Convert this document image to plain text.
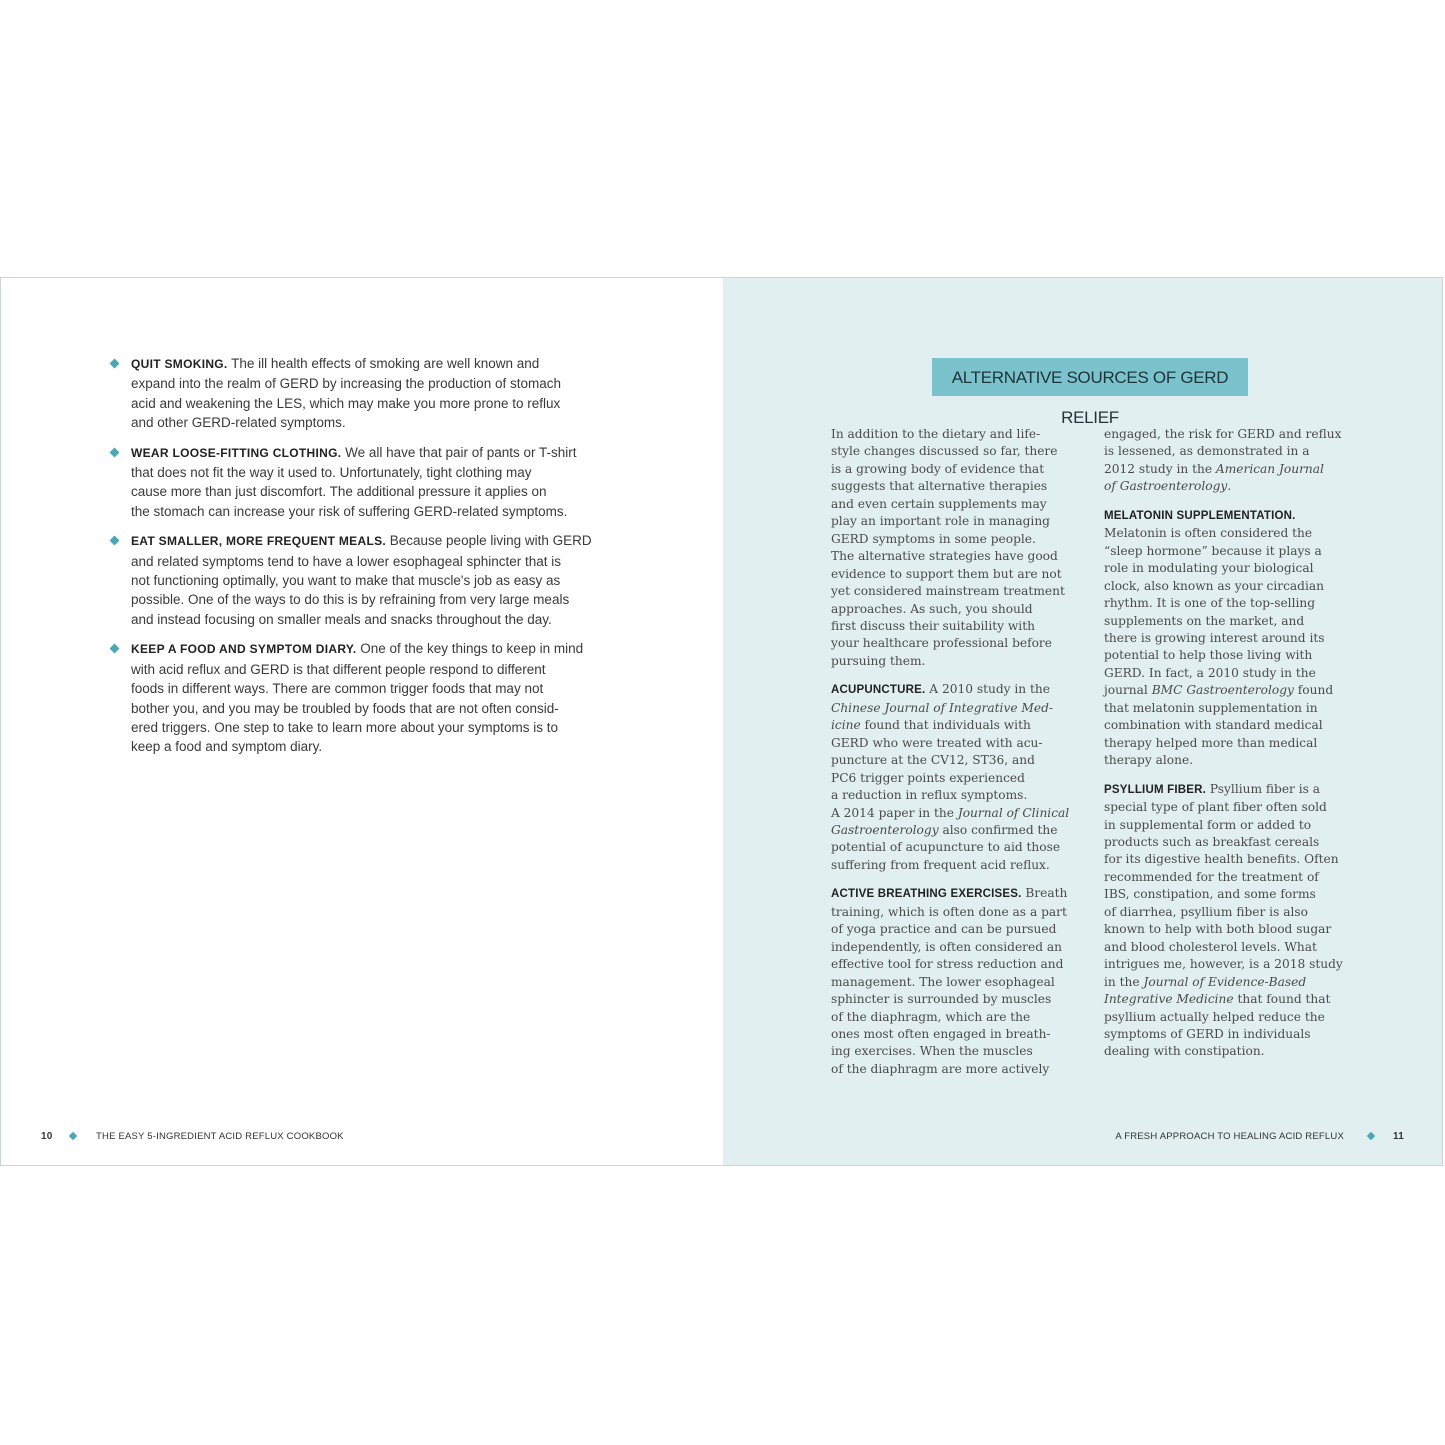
QUIT SMOKING. The ill health effects of smoking are well known and
expand into the realm of GERD by increasing the production of stomach
acid and weakening the LES, which may make you more prone to reflux
and other GERD-related symptoms.
WEAR LOOSE-FITTING CLOTHING. We all have that pair of pants or T-shirt
that does not fit the way it used to. Unfortunately, tight clothing may
cause more than just discomfort. The additional pressure it applies on
the stomach can increase your risk of suffering GERD-related symptoms.
EAT SMALLER, MORE FREQUENT MEALS. Because people living with GERD
and related symptoms tend to have a lower esophageal sphincter that is
not functioning optimally, you want to make that muscle's job as easy as
possible. One of the ways to do this is by refraining from very large meals
and instead focusing on smaller meals and snacks throughout the day.
KEEP A FOOD AND SYMPTOM DIARY. One of the key things to keep in mind
with acid reflux and GERD is that different people respond to different
foods in different ways. There are common trigger foods that may not
bother you, and you may be troubled by foods that are not often consid-
ered triggers. One step to take to learn more about your symptoms is to
keep a food and symptom diary.
10	THE EASY 5-INGREDIENT ACID REFLUX COOKBOOK
ALTERNATIVE SOURCES OF GERD RELIEF

In addition to the dietary and life-
style changes discussed so far, there
is a growing body of evidence that
suggests that alternative therapies
and even certain supplements may
play an important role in managing
GERD symptoms in some people.
The alternative strategies have good
evidence to support them but are not
yet considered mainstream treatment
approaches. As such, you should
first discuss their suitability with
your healthcare professional before
pursuing them.

ACUPUNCTURE. A 2010 study in the
Chinese Journal of Integrative Med-
icine found that individuals with
GERD who were treated with acu-
puncture at the CV12, ST36, and
PC6 trigger points experienced
a reduction in reflux symptoms.
A 2014 paper in the Journal of Clinical
Gastroenterology also confirmed the
potential of acupuncture to aid those
suffering from frequent acid reflux.

ACTIVE BREATHING EXERCISES. Breath
training, which is often done as a part
of yoga practice and can be pursued
independently, is often considered an
effective tool for stress reduction and
management. The lower esophageal
sphincter is surrounded by muscles
of the diaphragm, which are the
ones most often engaged in breath-
ing exercises. When the muscles
of the diaphragm are more actively

engaged, the risk for GERD and reflux
is lessened, as demonstrated in a
2012 study in the American Journal
of Gastroenterology.

MELATONIN SUPPLEMENTATION.
Melatonin is often considered the
“sleep hormone” because it plays a
role in modulating your biological
clock, also known as your circadian
rhythm. It is one of the top-selling
supplements on the market, and
there is growing interest around its
potential to help those living with
GERD. In fact, a 2010 study in the
journal BMC Gastroenterology found
that melatonin supplementation in
combination with standard medical
therapy helped more than medical
therapy alone.

PSYLLIUM FIBER. Psyllium fiber is a
special type of plant fiber often sold
in supplemental form or added to
products such as breakfast cereals
for its digestive health benefits. Often
recommended for the treatment of
IBS, constipation, and some forms
of diarrhea, psyllium fiber is also
known to help with both blood sugar
and blood cholesterol levels. What
intrigues me, however, is a 2018 study
in the Journal of Evidence-Based
Integrative Medicine that found that
psyllium actually helped reduce the
symptoms of GERD in individuals
dealing with constipation.

A FRESH APPROACH TO HEALING ACID REFLUX	11
